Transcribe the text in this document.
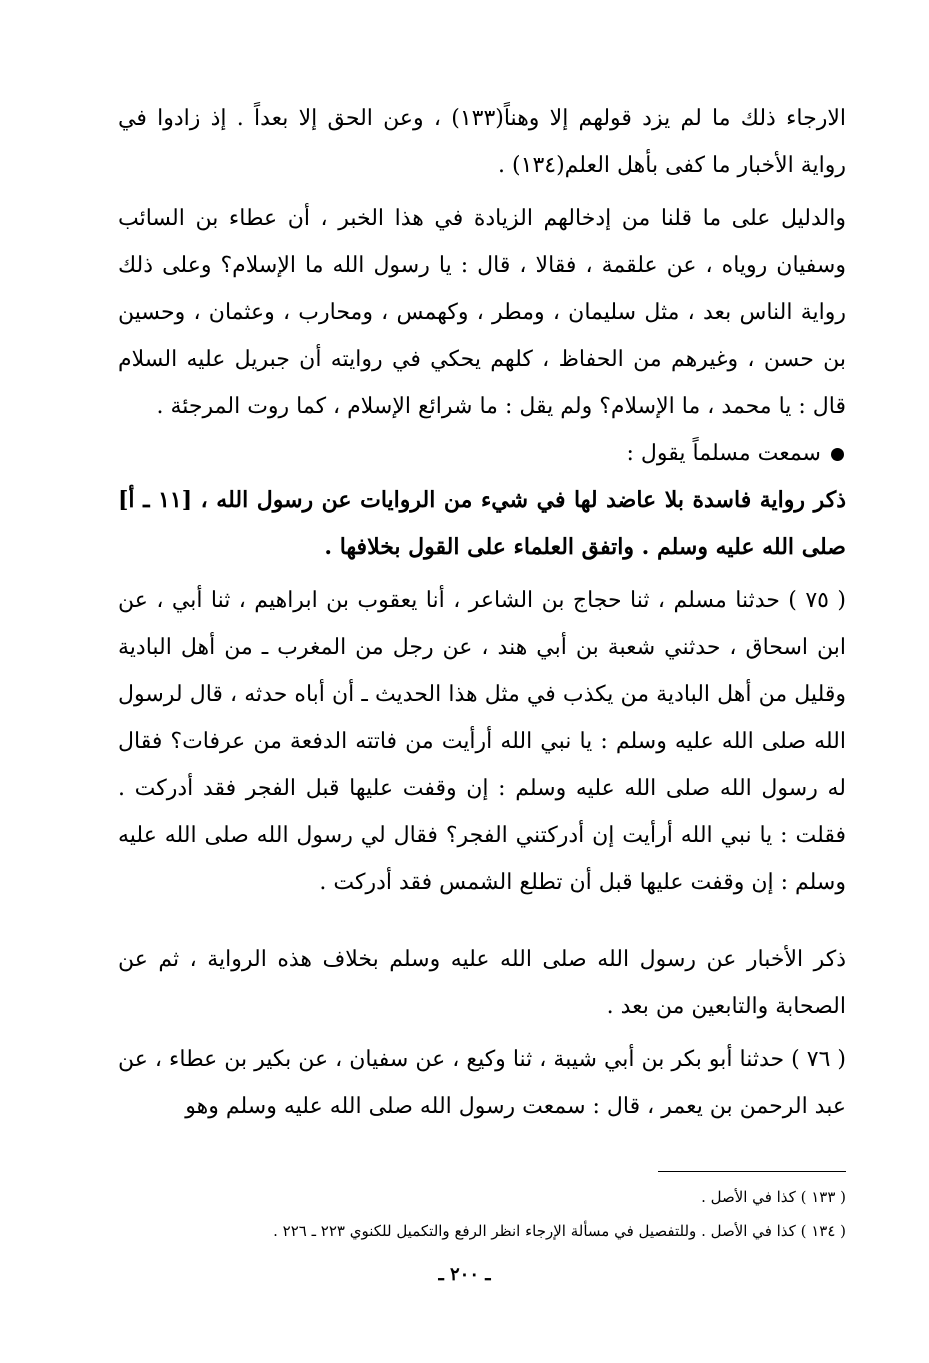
الارجاء ذلك ما لم يزد قولهم إلا وهناً(١٣٣) ، وعن الحق إلا بعداً . إذ زادوا في رواية الأخبار ما كفى بأهل العلم(١٣٤) .

والدليل على ما قلنا من إدخالهم الزيادة في هذا الخبر ، أن عطاء بن السائب وسفيان روياه ، عن علقمة ، فقالا ، قال : يا رسول الله ما الإسلام؟ وعلى ذلك رواية الناس بعد ، مثل سليمان ، ومطر ، وكهمس ، ومحارب ، وعثمان ، وحسين بن حسن ، وغيرهم من الحفاظ ، كلهم يحكي في روايته أن جبريل عليه السلام قال : يا محمد ، ما الإسلام؟ ولم يقل : ما شرائع الإسلام ، كما روت المرجئة .

سمعت مسلماً يقول :

ذكر رواية فاسدة بلا عاضد لها في شيء من الروايات عن رسول الله ، [١١ ـ أ] صلى الله عليه وسلم . واتفق العلماء على القول بخلافها .

( ٧٥ ) حدثنا مسلم ، ثنا حجاج بن الشاعر ، أنا يعقوب بن ابراهيم ، ثنا أبي ، عن ابن اسحاق ، حدثني شعبة بن أبي هند ، عن رجل من المغرب ـ من أهل البادية وقليل من أهل البادية من يكذب في مثل هذا الحديث ـ أن أباه حدثه ، قال لرسول الله صلى الله عليه وسلم : يا نبي الله أرأيت من فاتته الدفعة من عرفات؟ فقال له رسول الله صلى الله عليه وسلم : إن وقفت عليها قبل الفجر فقد أدركت . فقلت : يا نبي الله أرأيت إن أدركتني الفجر؟ فقال لي رسول الله صلى الله عليه وسلم : إن وقفت عليها قبل أن تطلع الشمس فقد أدركت .

ذكر الأخبار عن رسول الله صلى الله عليه وسلم بخلاف هذه الرواية ، ثم عن الصحابة والتابعين من بعد .

( ٧٦ ) حدثنا أبو بكر بن أبي شيبة ، ثنا وكيع ، عن سفيان ، عن بكير بن عطاء ، عن عبد الرحمن بن يعمر ، قال : سمعت رسول الله صلى الله عليه وسلم وهو

( ١٣٣ ) كذا في الأصل .

( ١٣٤ ) كذا في الأصل . وللتفصيل في مسألة الإرجاء انظر الرفع والتكميل للكنوي ٢٢٣ ـ ٢٢٦ .

ـ ٢٠٠ ـ
